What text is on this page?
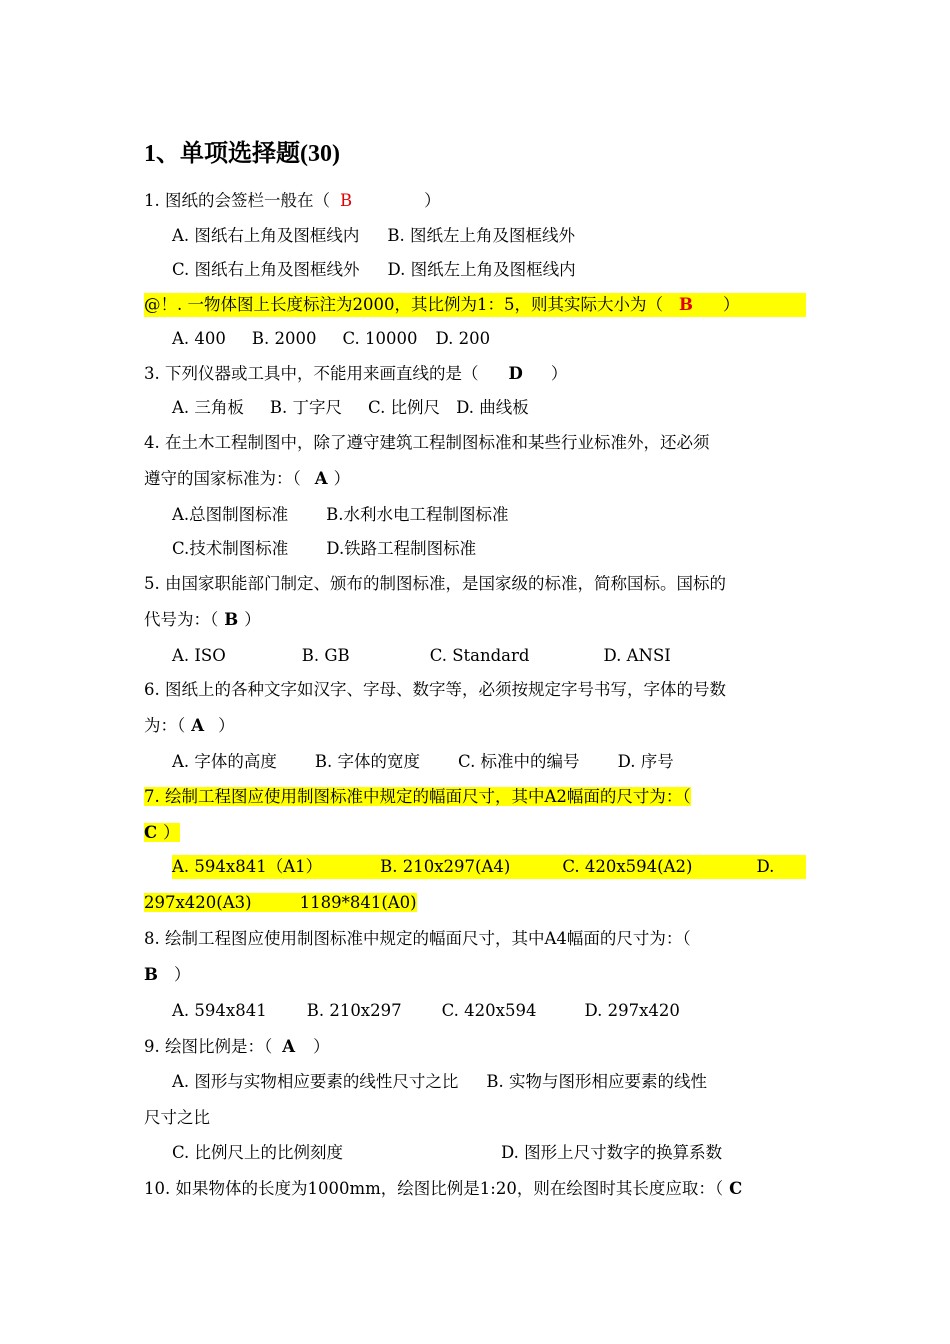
1、单项选择题(30)
1. 图纸的会签栏一般在（ B	）
A. 图纸右上角及图框线内 B. 图纸左上角及图框线外
C. 图纸右上角及图框线外 D. 图纸左上角及图框线内
@！. 一物体图上长度标注为2000，其比例为1：5，则其实际大小为（ B ）
A. 400 B. 2000 C. 10000 D. 200
3. 下列仪器或工具中，不能用来画直线的是（ D ）
A. 三角板 B. 丁字尺 C. 比例尺 D. 曲线板
4. 在土木工程制图中，除了遵守建筑工程制图标准和某些行业标准外，还必须
遵守的国家标准为：（ A ）
A.总图制图标准 B.水利水电工程制图标准
C.技术制图标准 D.铁路工程制图标准
5. 由国家职能部门制定、颁布的制图标准，是国家级的标准，简称国标。国标的
代号为：（ B ）
A. ISO	B. GB	C. Standard	D. ANSI
6. 图纸上的各种文字如汉字、字母、数字等，必须按规定字号书写，字体的号数
为：（ A ）
A. 字体的高度 B. 字体的宽度 C. 标准中的编号 D. 序号
7. 绘制工程图应使用制图标准中规定的幅面尺寸，其中A2幅面的尺寸为：（
C ）
A. 594ⅹ841（A1）	B. 210ⅹ297(A4)	C. 420ⅹ594(A2)	D.
297ⅹ420(A3)	1189*841(A0)
8. 绘制工程图应使用制图标准中规定的幅面尺寸，其中A4幅面的尺寸为：（
B ）
A. 594ⅹ841 B. 210ⅹ297 C. 420ⅹ594	D. 297ⅹ420
9. 绘图比例是：（ A ）
A. 图形与实物相应要素的线性尺寸之比 B. 实物与图形相应要素的线性
尺寸之比
C. 比例尺上的比例刻度	D. 图形上尺寸数字的换算系数
10. 如果物体的长度为1000mm，绘图比例是1:20，则在绘图时其长度应取：（ C
